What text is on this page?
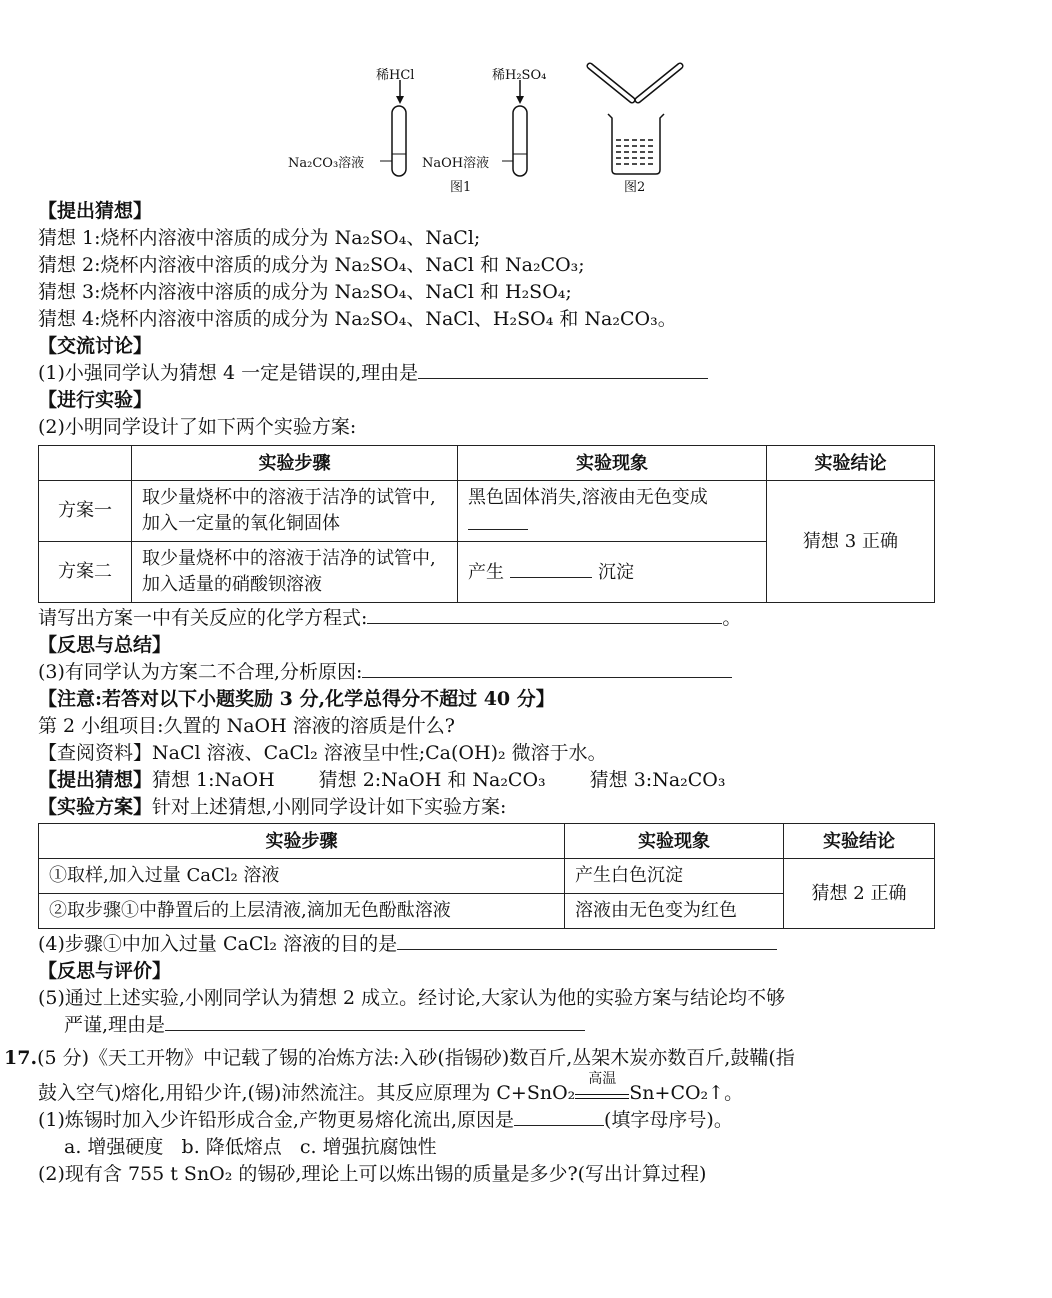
稀HCl
Na₂CO₃溶液
稀H₂SO₄
NaOH溶液
图1	图2
【提出猜想】
猜想 1:烧杯内溶液中溶质的成分为 Na₂SO₄、NaCl;
猜想 2:烧杯内溶液中溶质的成分为 Na₂SO₄、NaCl 和 Na₂CO₃;
猜想 3:烧杯内溶液中溶质的成分为 Na₂SO₄、NaCl 和 H₂SO₄;
猜想 4:烧杯内溶液中溶质的成分为 Na₂SO₄、NaCl、H₂SO₄ 和 Na₂CO₃。
【交流讨论】
(1)小强同学认为猜想 4 一定是错误的,理由是
【进行实验】
(2)小明同学设计了如下两个实验方案:
	实验步骤	实验现象	实验结论
方案一	取少量烧杯中的溶液于洁净的试管中,加入一定量的氧化铜固体	黑色固体消失,溶液由无色变成	猜想 3 正确
方案二	取少量烧杯中的溶液于洁净的试管中,加入适量的硝酸钡溶液	产生 沉淀	
请写出方案一中有关反应的化学方程式:	。
【反思与总结】
(3)有同学认为方案二不合理,分析原因:
【注意:若答对以下小题奖励 3 分,化学总得分不超过 40 分】
第 2 小组项目:久置的 NaOH 溶液的溶质是什么?
【查阅资料】NaCl 溶液、CaCl₂ 溶液呈中性;Ca(OH)₂ 微溶于水。
【提出猜想】猜想 1:NaOH 猜想 2:NaOH 和 Na₂CO₃ 猜想 3:Na₂CO₃
【实验方案】针对上述猜想,小刚同学设计如下实验方案:
实验步骤	实验现象	实验结论
①取样,加入过量 CaCl₂ 溶液	产生白色沉淀	猜想 2 正确
②取步骤①中静置后的上层清液,滴加无色酚酞溶液	溶液由无色变为红色	
(4)步骤①中加入过量 CaCl₂ 溶液的目的是
【反思与评价】
(5)通过上述实验,小刚同学认为猜想 2 成立。经讨论,大家认为他的实验方案与结论均不够
严谨,理由是
17.(5 分)《天工开物》中记载了锡的冶炼方法:入砂(指锡砂)数百斤,丛架木炭亦数百斤,鼓鞴(指
鼓入空气)熔化,用铅少许,(锡)沛然流注。其反应原理为 C+SnO₂
高温
Sn+CO₂↑。
(1)炼锡时加入少许铅形成合金,产物更易熔化流出,原因是	(填字母序号)。
a. 增强硬度   b. 降低熔点   c. 增强抗腐蚀性
(2)现有含 755 t SnO₂ 的锡砂,理论上可以炼出锡的质量是多少?(写出计算过程)
